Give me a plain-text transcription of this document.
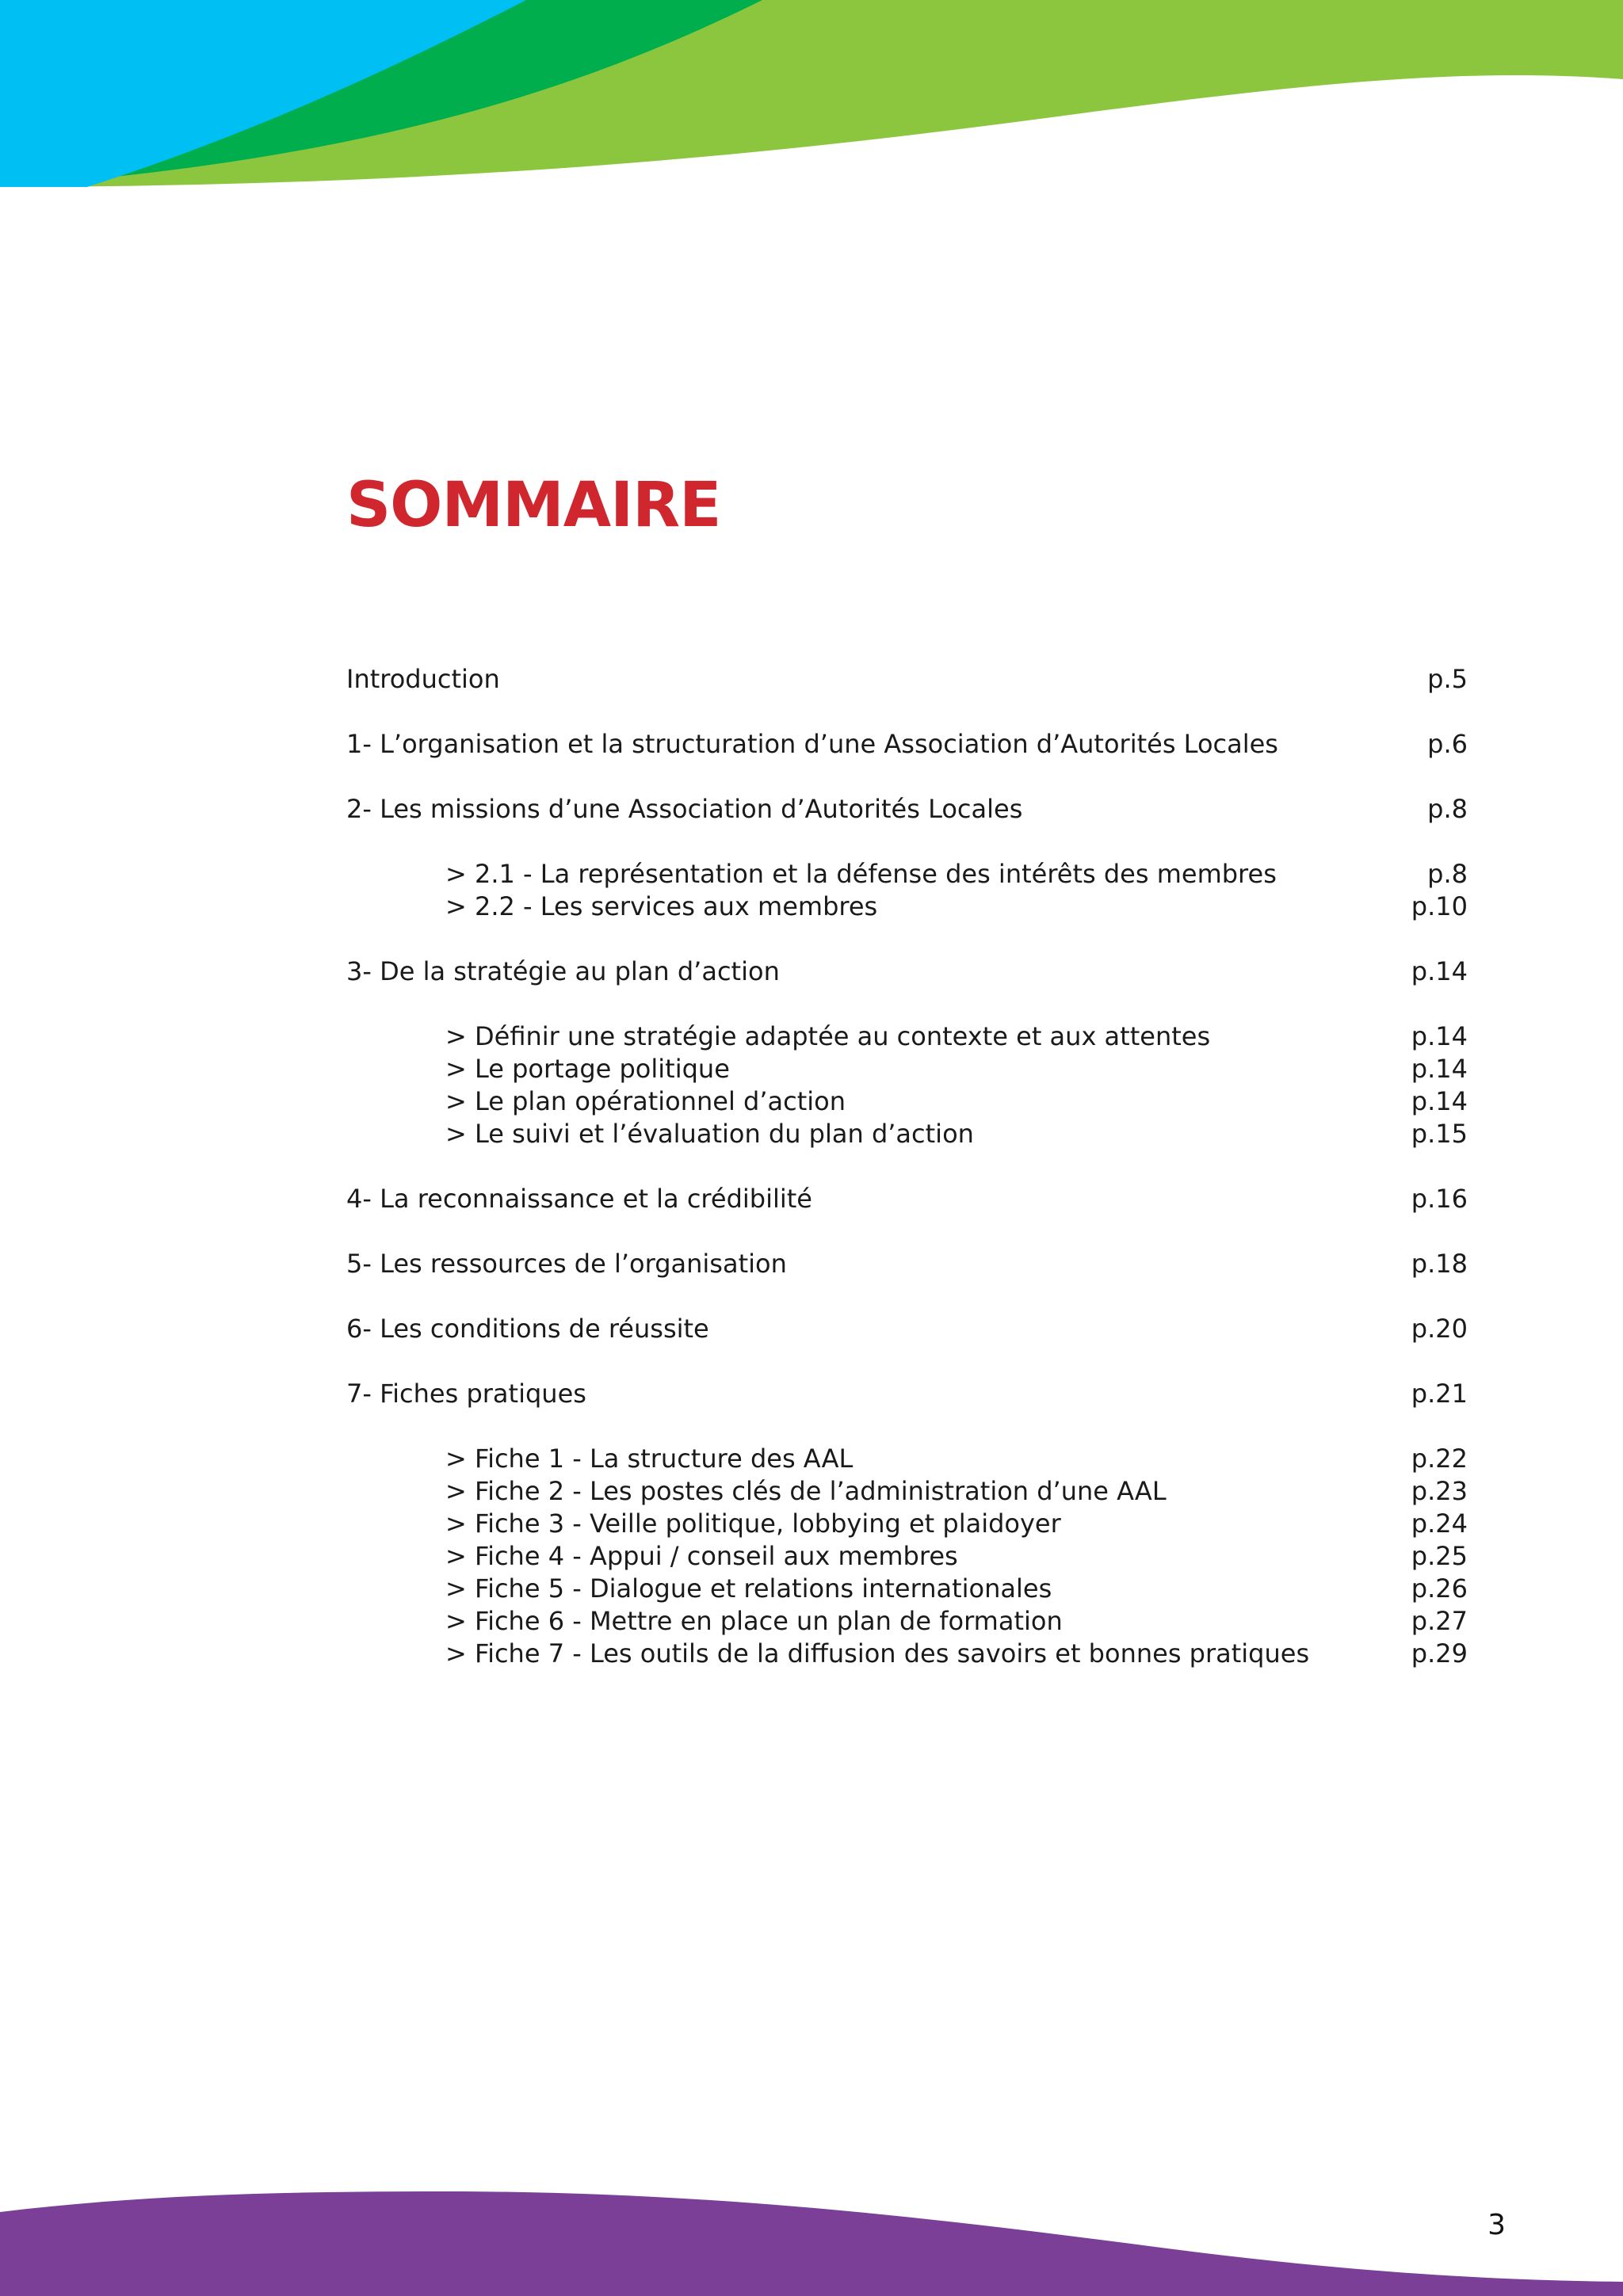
SOMMAIRE
Introduction	p.5
1- L’organisation et la structuration d’une Association d’Autorités Locales	p.6
2- Les missions d’une Association d’Autorités Locales	p.8
> 2.1 - La représentation et la défense des intérêts des membres	p.8
> 2.2 - Les services aux membres	p.10
3- De la stratégie au plan d’action	p.14
> Définir une stratégie adaptée au contexte et aux attentes	p.14
> Le portage politique	p.14
> Le plan opérationnel d’action	p.14
> Le suivi et l’évaluation du plan d’action	p.15
4- La reconnaissance et la crédibilité	p.16
5- Les ressources de l’organisation	p.18
6- Les conditions de réussite	p.20
7- Fiches pratiques	p.21
> Fiche 1 - La structure des AAL	p.22
> Fiche 2 - Les postes clés de l’administration d’une AAL	p.23
> Fiche 3 - Veille politique, lobbying et plaidoyer	p.24
> Fiche 4 - Appui / conseil aux membres	p.25
> Fiche 5 - Dialogue et relations internationales	p.26
> Fiche 6 - Mettre en place un plan de formation	p.27
> Fiche 7 - Les outils de la diffusion des savoirs et bonnes pratiques	p.29
3
